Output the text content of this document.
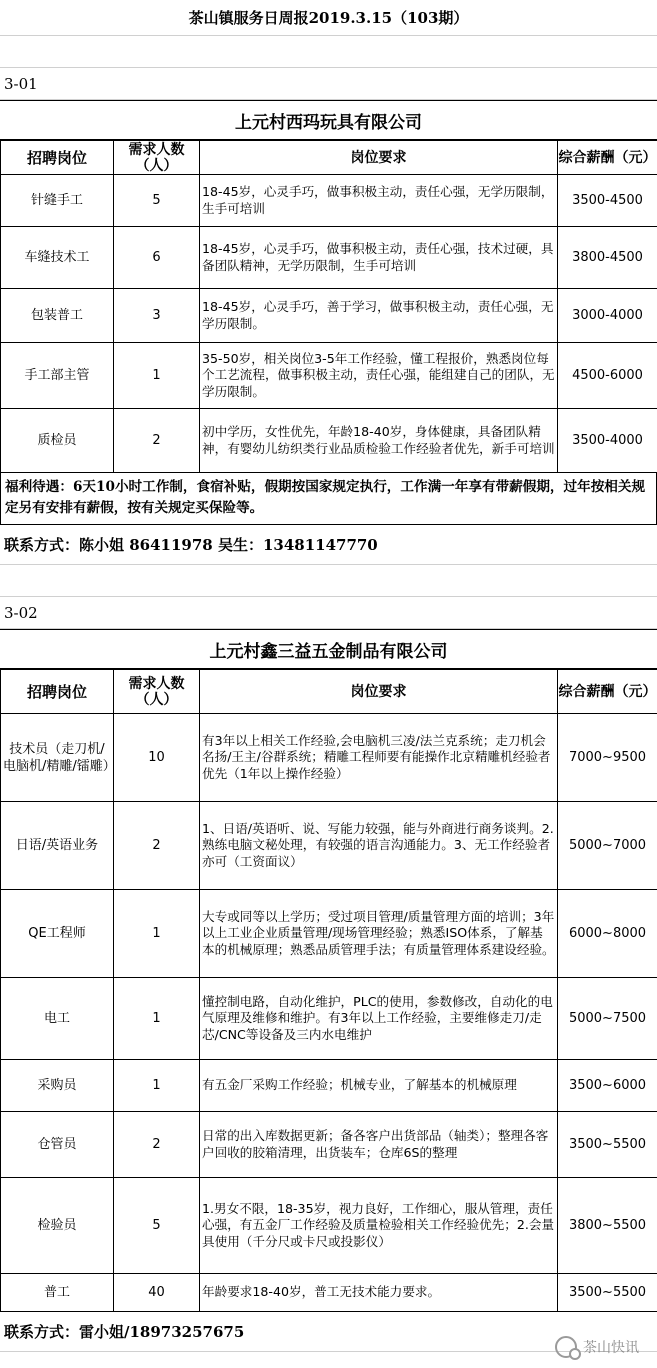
茶山镇服务日周报2019.3.15（103期）
3-01
上元村西玛玩具有限公司
招聘岗位	需求人数（人）	岗位要求	综合薪酬（元）
针缝手工	5	18-45岁，心灵手巧，做事积极主动，责任心强，无学历限制，生手可培训	3500-4500
车缝技术工	6	18-45岁，心灵手巧，做事积极主动，责任心强，技术过硬，具备团队精神，无学历限制，生手可培训	3800-4500
包装普工	3	18-45岁，心灵手巧，善于学习，做事积极主动，责任心强，无学历限制。	3000-4000
手工部主管	1	35-50岁，相关岗位3-5年工作经验，懂工程报价，熟悉岗位每个工艺流程，做事积极主动，责任心强，能组建自己的团队，无学历限制。	4500-6000
质检员	2	初中学历，女性优先，年龄18-40岁，身体健康，具备团队精神，有婴幼儿纺织类行业品质检验工作经验者优先，新手可培训	3500-4000
福利待遇：6天10小时工作制，食宿补贴，假期按国家规定执行，工作满一年享有带薪假期，过年按相关规定另有安排有薪假，按有关规定买保险等。
联系方式：陈小姐 86411978 吴生：13481147770
3-02
上元村鑫三益五金制品有限公司
招聘岗位	需求人数（人）	岗位要求	综合薪酬（元）
技术员（走刀机/电脑机/精雕/镭雕）	10	有3年以上相关工作经验,会电脑机三凌/法兰克系统；走刀机会名扬/王主/谷群系统；精雕工程师要有能操作北京精雕机经验者优先（1年以上操作经验）	7000~9500
日语/英语业务	2	1、日语/英语听、说、写能力较强，能与外商进行商务谈判。2.熟练电脑文秘处理，有较强的语言沟通能力。3、无工作经验者亦可（工资面议）	5000~7000
QE工程师	1	大专或同等以上学历；受过项目管理/质量管理方面的培训；3年以上工业企业质量管理/现场管理经验；熟悉ISO体系，了解基本的机械原理；熟悉品质管理手法；有质量管理体系建设经验。	6000~8000
电工	1	懂控制电路，自动化维护，PLC的使用，参数修改，自动化的电气原理及维修和维护。有3年以上工作经验，主要维修走刀/走芯/CNC等设备及三内水电维护	5000~7500
采购员	1	有五金厂采购工作经验；机械专业，了解基本的机械原理	3500~6000
仓管员	2	日常的出入库数据更新；备各客户出货部品（轴类）；整理各客户回收的胶箱清理，出货装车；仓库6S的整理	3500~5500
检验员	5	1.男女不限，18-35岁，视力良好，工作细心，服从管理，责任心强，有五金厂工作经验及质量检验相关工作经验优先；2.会量具使用（千分尺或卡尺或投影仪）	3800~5500
普工	40	年龄要求18-40岁，普工无技术能力要求。	3500~5500
联系方式：雷小姐/18973257675
茶山快讯
